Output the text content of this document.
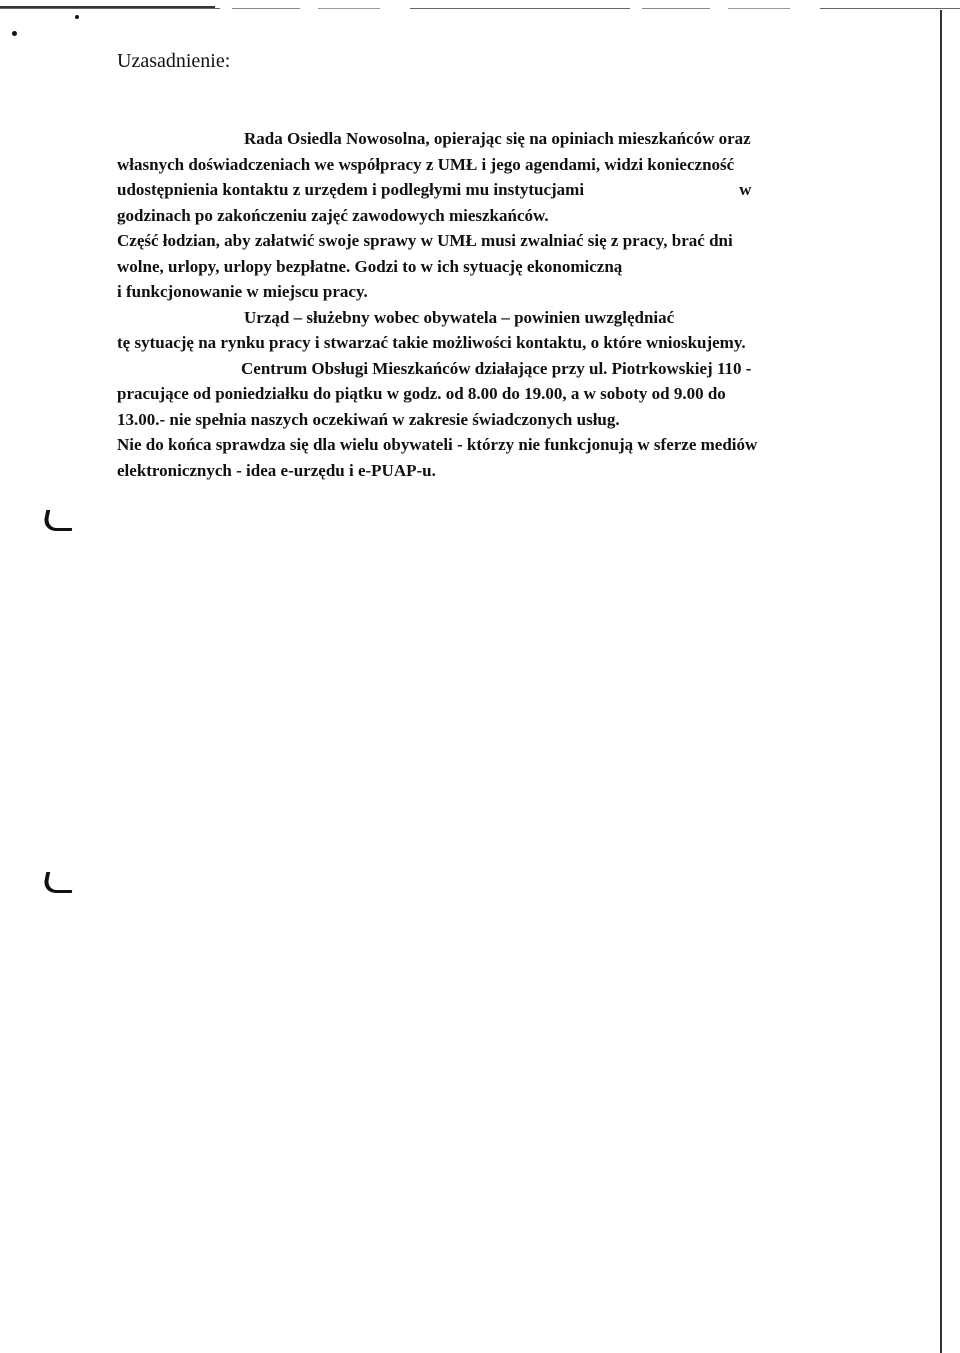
Uzasadnienie:
Rada Osiedla Nowosolna, opierając się na opiniach mieszkańców oraz
własnych doświadczeniach we współpracy z UMŁ i jego agendami, widzi konieczność
udostępnienia kontaktu z urzędem i podległymi mu instytucjami	w
godzinach po zakończeniu zajęć zawodowych mieszkańców.
Część łodzian, aby załatwić swoje sprawy w UMŁ musi zwalniać się z pracy, brać dni
wolne, urlopy, urlopy bezpłatne. Godzi to w ich sytuację ekonomiczną
i funkcjonowanie w miejscu pracy.
Urząd – służebny wobec obywatela – powinien uwzględniać
tę sytuację na rynku pracy i stwarzać takie możliwości kontaktu, o które wnioskujemy.
Centrum Obsługi Mieszkańców działające przy ul. Piotrkowskiej 110 -
pracujące od poniedziałku do piątku w godz. od 8.00 do 19.00, a w soboty od 9.00 do
13.00.- nie spełnia naszych oczekiwań w zakresie świadczonych usług.
Nie do końca sprawdza się dla wielu obywateli - którzy nie funkcjonują w sferze mediów
elektronicznych - idea e-urzędu i e-PUAP-u.
